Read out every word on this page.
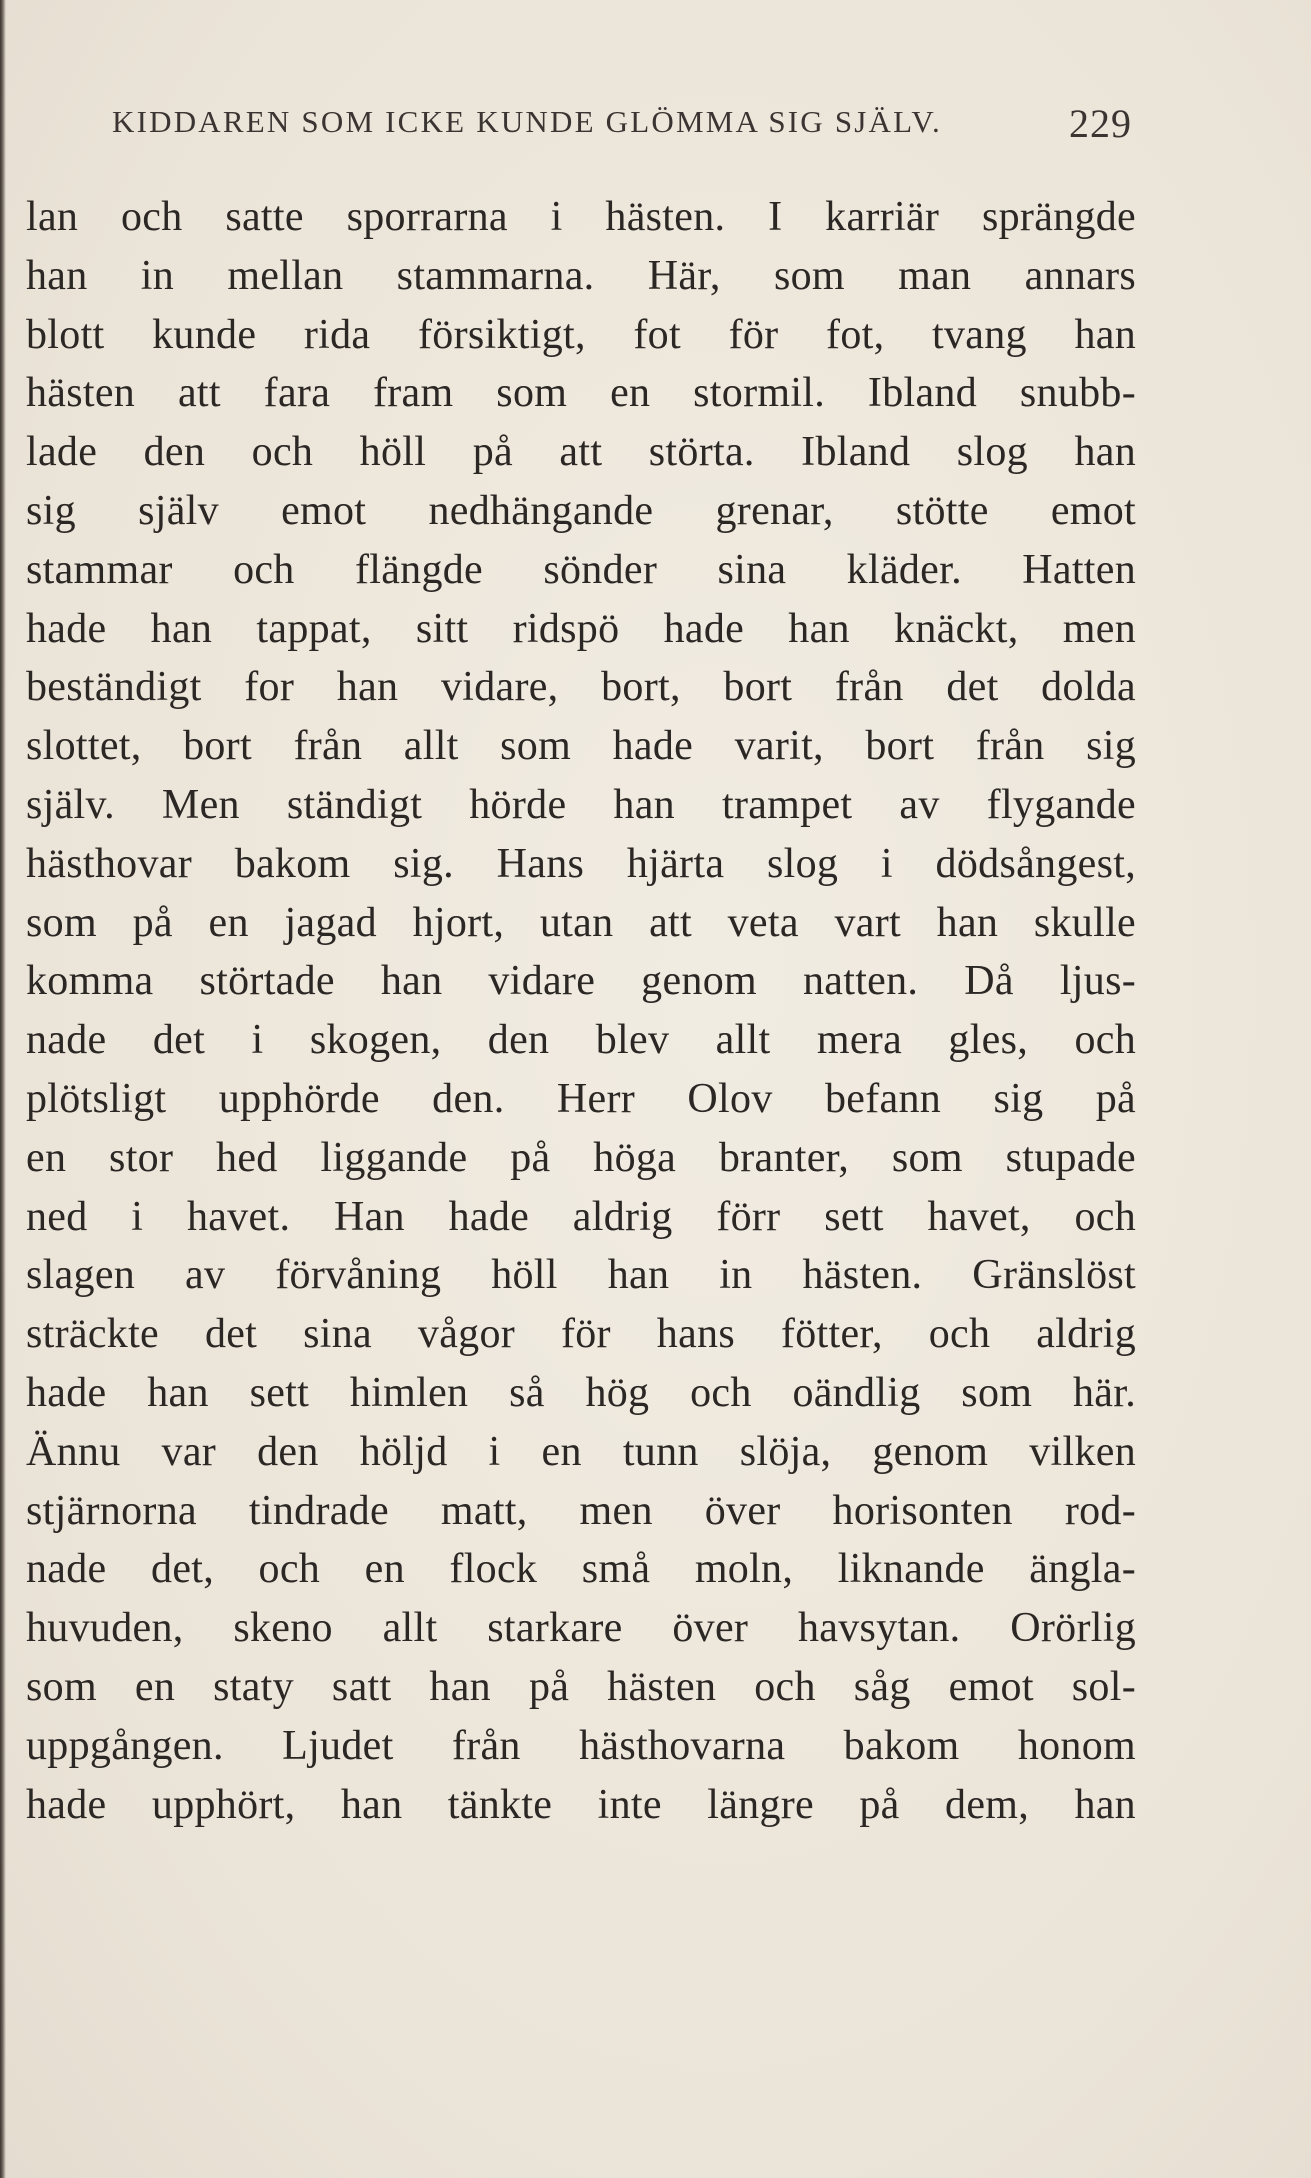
KIDDAREN SOM ICKE KUNDE GLÖMMA SIG SJÄLV.	229
lan och satte sporrarna i hästen. I karriär sprängde
han in mellan stammarna. Här, som man annars
blott kunde rida försiktigt, fot för fot, tvang han
hästen att fara fram som en stormil. Ibland snubb-
lade den och höll på att störta. Ibland slog han
sig själv emot nedhängande grenar, stötte emot
stammar och flängde sönder sina kläder. Hatten
hade han tappat, sitt ridspö hade han knäckt, men
beständigt for han vidare, bort, bort från det dolda
slottet, bort från allt som hade varit, bort från sig
själv. Men ständigt hörde han trampet av flygande
hästhovar bakom sig. Hans hjärta slog i dödsångest,
som på en jagad hjort, utan att veta vart han skulle
komma störtade han vidare genom natten. Då ljus-
nade det i skogen, den blev allt mera gles, och
plötsligt upphörde den. Herr Olov befann sig på
en stor hed liggande på höga branter, som stupade
ned i havet. Han hade aldrig förr sett havet, och
slagen av förvåning höll han in hästen. Gränslöst
sträckte det sina vågor för hans fötter, och aldrig
hade han sett himlen så hög och oändlig som här.
Ännu var den höljd i en tunn slöja, genom vilken
stjärnorna tindrade matt, men över horisonten rod-
nade det, och en flock små moln, liknande ängla-
huvuden, skeno allt starkare över havsytan. Orörlig
som en staty satt han på hästen och såg emot sol-
uppgången. Ljudet från hästhovarna bakom honom
hade upphört, han tänkte inte längre på dem, han
